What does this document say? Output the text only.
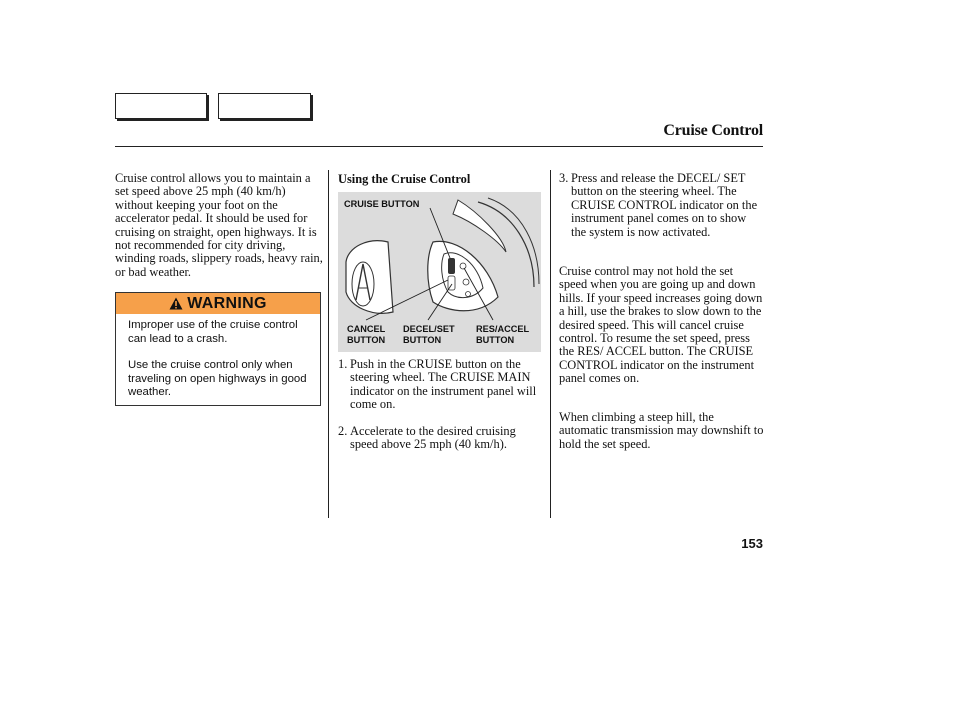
Cruise Control
Cruise control allows you to maintain a set speed above 25 mph (40 km/h) without keeping your foot on the accelerator pedal. It should be used for cruising on straight, open highways. It is not recommended for city driving, winding roads, slippery roads, heavy rain, or bad weather.
WARNING
Improper use of the cruise control can lead to a crash.
Use the cruise control only when traveling on open highways in good weather.
Using the Cruise Control
CRUISE BUTTON
CANCEL
BUTTON
DECEL/SET
BUTTON
RES/ACCEL
BUTTON
1. Push in the CRUISE button on the steering wheel. The CRUISE MAIN indicator on the instrument panel will come on.
2. Accelerate to the desired cruising speed above 25 mph (40 km/h).
3. Press and release the DECEL/ SET button on the steering wheel. The CRUISE CONTROL indicator on the instrument panel comes on to show the system is now activated.
Cruise control may not hold the set speed when you are going up and down hills. If your speed increases going down a hill, use the brakes to slow down to the desired speed. This will cancel cruise control. To resume the set speed, press the RES/ ACCEL button. The CRUISE CONTROL indicator on the instrument panel comes on.
When climbing a steep hill, the automatic transmission may downshift to hold the set speed.
153
